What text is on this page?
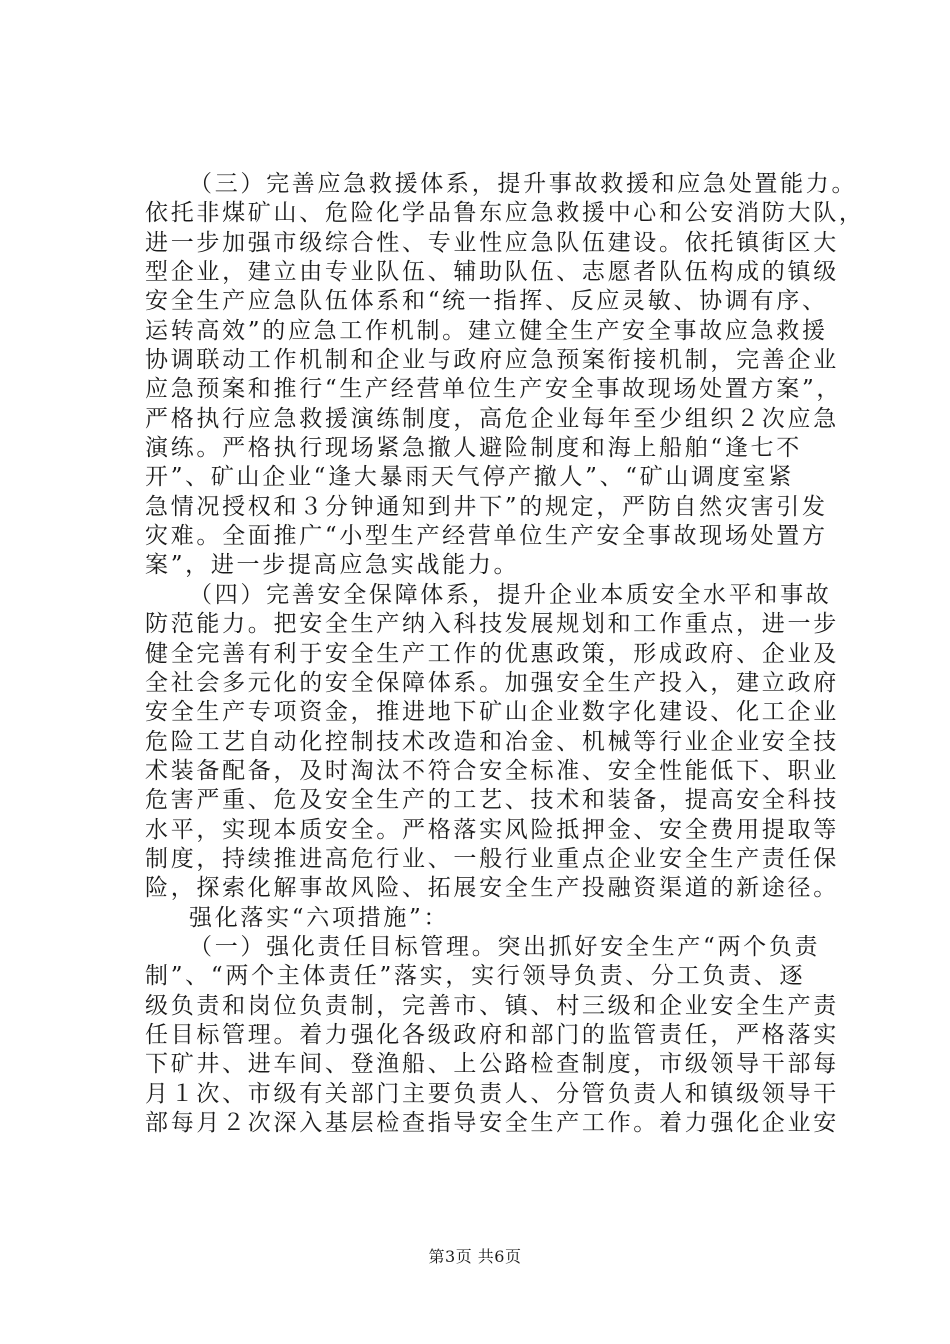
（三）完善应急救援体系，提升事故救援和应急处置能力。
依托非煤矿山、危险化学品鲁东应急救援中心和公安消防大队，
进一步加强市级综合性、专业性应急队伍建设。依托镇街区大
型企业，建立由专业队伍、辅助队伍、志愿者队伍构成的镇级
安全生产应急队伍体系和“统一指挥、反应灵敏、协调有序、
运转高效”的应急工作机制。建立健全生产安全事故应急救援
协调联动工作机制和企业与政府应急预案衔接机制，完善企业
应急预案和推行“生产经营单位生产安全事故现场处置方案”，
严格执行应急救援演练制度，高危企业每年至少组织２次应急
演练。严格执行现场紧急撤人避险制度和海上船舶“逢七不
开”、矿山企业“逢大暴雨天气停产撤人”、“矿山调度室紧
急情况授权和３分钟通知到井下”的规定，严防自然灾害引发
灾难。全面推广“小型生产经营单位生产安全事故现场处置方
案”，进一步提高应急实战能力。
（四）完善安全保障体系，提升企业本质安全水平和事故
防范能力。把安全生产纳入科技发展规划和工作重点，进一步
健全完善有利于安全生产工作的优惠政策，形成政府、企业及
全社会多元化的安全保障体系。加强安全生产投入，建立政府
安全生产专项资金，推进地下矿山企业数字化建设、化工企业
危险工艺自动化控制技术改造和冶金、机械等行业企业安全技
术装备配备，及时淘汰不符合安全标准、安全性能低下、职业
危害严重、危及安全生产的工艺、技术和装备，提高安全科技
水平，实现本质安全。严格落实风险抵押金、安全费用提取等
制度，持续推进高危行业、一般行业重点企业安全生产责任保
险，探索化解事故风险、拓展安全生产投融资渠道的新途径。
强化落实“六项措施”：
（一）强化责任目标管理。突出抓好安全生产“两个负责
制”、“两个主体责任”落实，实行领导负责、分工负责、逐
级负责和岗位负责制，完善市、镇、村三级和企业安全生产责
任目标管理。着力强化各级政府和部门的监管责任，严格落实
下矿井、进车间、登渔船、上公路检查制度，市级领导干部每
月１次、市级有关部门主要负责人、分管负责人和镇级领导干
部每月２次深入基层检查指导安全生产工作。着力强化企业安
第3页 共6页
